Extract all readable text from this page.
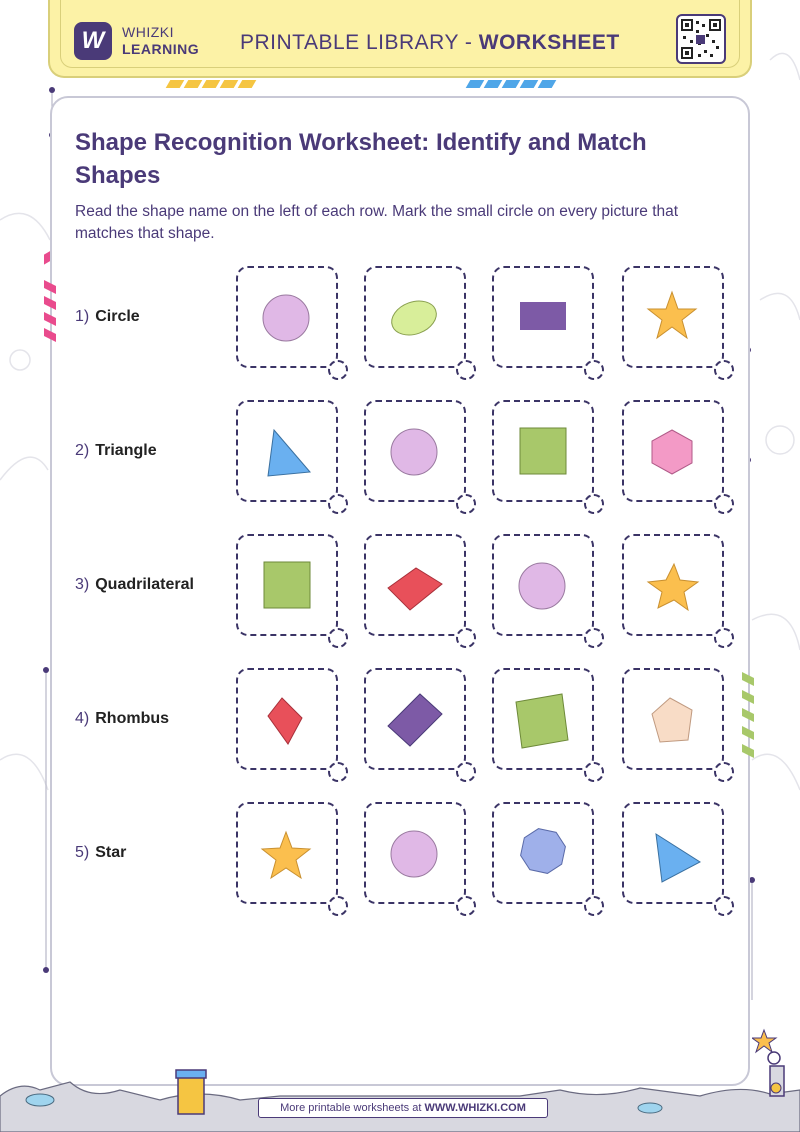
W	WHIZKI
LEARNING PRINTABLE LIBRARY - WORKSHEET
Shape Recognition Worksheet: Identify and Match Shapes
Read the shape name on the left of each row. Mark the small circle on every picture that matches that shape.
1) Circle
2) Triangle
3) Quadrilateral
4) Rhombus
5) Star
More printable worksheets at WWW.WHIZKI.COM
